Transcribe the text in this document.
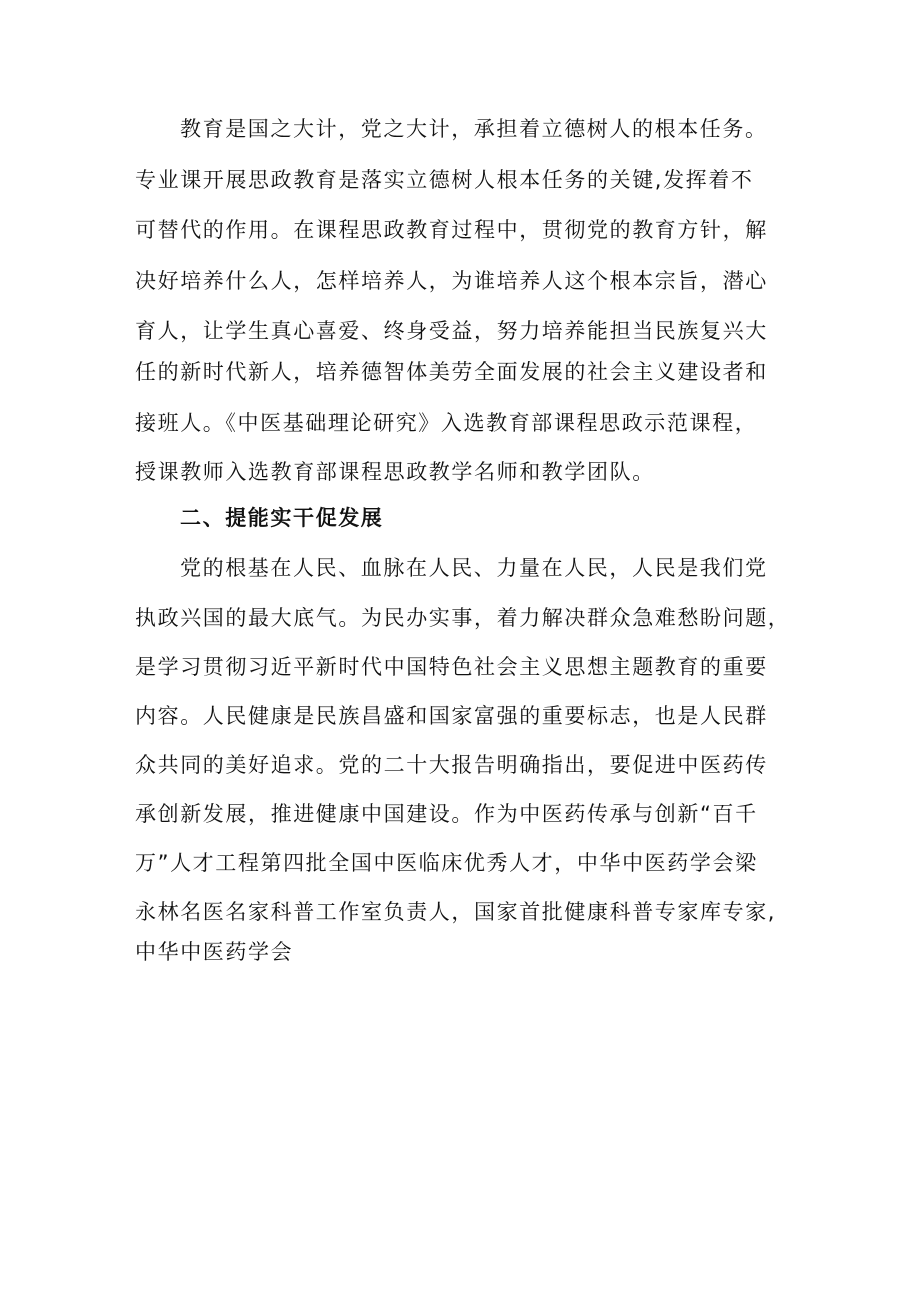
教育是国之大计，党之大计，承担着立德树人的根本任务。
专业课开展思政教育是落实立德树人根本任务的关键,发挥着不
可替代的作用。在课程思政教育过程中，贯彻党的教育方针，解
决好培养什么人，怎样培养人，为谁培养人这个根本宗旨，潜心
育人，让学生真心喜爱、终身受益，努力培养能担当民族复兴大
任的新时代新人，培养德智体美劳全面发展的社会主义建设者和
接班人。《中医基础理论研究》入选教育部课程思政示范课程，
授课教师入选教育部课程思政教学名师和教学团队。
二、提能实干促发展
党的根基在人民、血脉在人民、力量在人民，人民是我们党
执政兴国的最大底气。为民办实事，着力解决群众急难愁盼问题，
是学习贯彻习近平新时代中国特色社会主义思想主题教育的重要
内容。人民健康是民族昌盛和国家富强的重要标志，也是人民群
众共同的美好追求。党的二十大报告明确指出，要促进中医药传
承创新发展，推进健康中国建设。作为中医药传承与创新“百千
万”人才工程第四批全国中医临床优秀人才，中华中医药学会梁
永林名医名家科普工作室负责人，国家首批健康科普专家库专家,
中华中医药学会
